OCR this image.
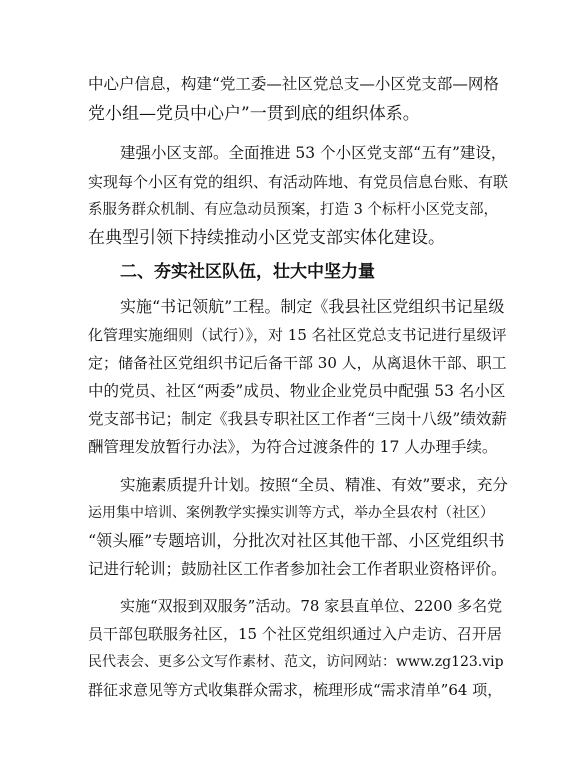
中心户信息，构建“党工委—社区党总支—小区党支部—网格
党小组—党员中心户”一贯到底的组织体系。
建强小区支部。全面推进 53 个小区党支部“五有”建设，
实现每个小区有党的组织、有活动阵地、有党员信息台账、有联
系服务群众机制、有应急动员预案，打造 3 个标杆小区党支部，
在典型引领下持续推动小区党支部实体化建设。
二、夯实社区队伍，壮大中坚力量
实施“书记领航”工程。制定《我县社区党组织书记星级
化管理实施细则（试行）》，对 15 名社区党总支书记进行星级评
定；储备社区党组织书记后备干部 30 人，从离退休干部、职工
中的党员、社区“两委”成员、物业企业党员中配强 53 名小区
党支部书记；制定《我县专职社区工作者“三岗十八级”绩效薪
酬管理发放暂行办法》，为符合过渡条件的 17 人办理手续。
实施素质提升计划。按照“全员、精准、有效”要求，充分
运用集中培训、案例教学实操实训等方式，举办全县农村（社区）
“领头雁”专题培训，分批次对社区其他干部、小区党组织书
记进行轮训；鼓励社区工作者参加社会工作者职业资格评价。
实施“双报到双服务”活动。78 家县直单位、2200 多名党
员干部包联服务社区，15 个社区党组织通过入户走访、召开居
民代表会、更多公文写作素材、范文，访问网站：www.zg123.vip
群征求意见等方式收集群众需求，梳理形成“需求清单”64 项，
